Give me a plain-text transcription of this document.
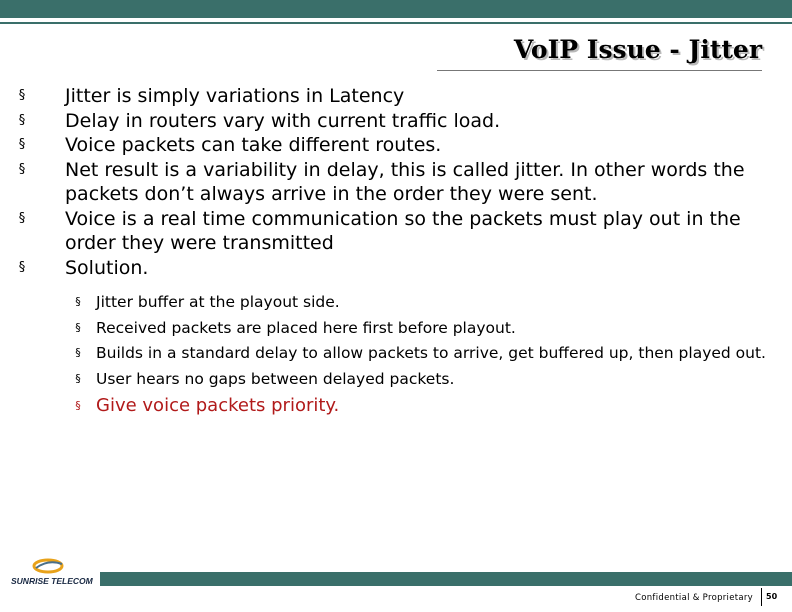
VoIP Issue - Jitter

§ Jitter is simply variations in Latency

§ Delay in routers vary with current traffic load.

§ Voice packets can take different routes.

§ Net result is a variability in delay, this is called jitter. In other words the packets don’t always arrive in the order they were sent.

§ Voice is a real time communication so the packets must play out in the order they were transmitted

§ Solution.

§ Jitter buffer at the playout side.

§ Received packets are placed here first before playout.

§ Builds in a standard delay to allow packets to arrive, get buffered up, then played out.

§ User hears no gaps between delayed packets.

§ Give voice packets priority.

SUNRISE TELECOM
Confidential & Proprietary 50
